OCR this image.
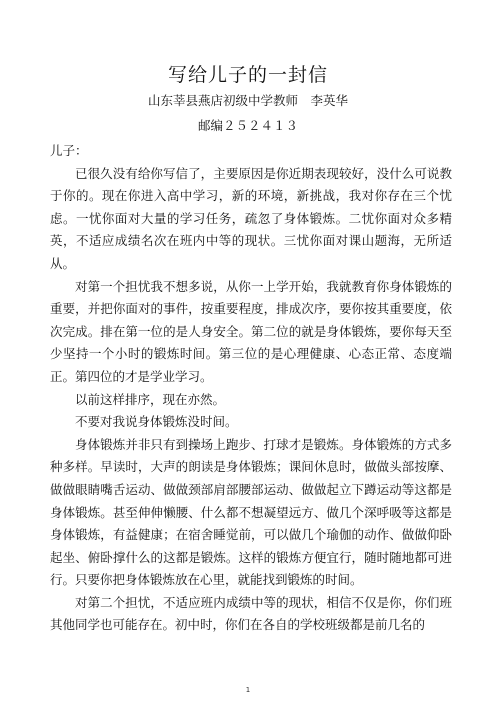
写给儿子的一封信
山东莘县燕店初级中学教师　李英华
邮编２５２４１３

儿子：

已很久没有给你写信了，主要原因是你近期表现较好，没什么可说教于你的。现在你进入高中学习，新的环境，新挑战，我对你存在三个忧虑。一忧你面对大量的学习任务，疏忽了身体锻炼。二忧你面对众多精英，不适应成绩名次在班内中等的现状。三忧你面对课山题海，无所适从。

对第一个担忧我不想多说，从你一上学开始，我就教育你身体锻炼的重要，并把你面对的事件，按重要程度，排成次序，要你按其重要度，依次完成。排在第一位的是人身安全。第二位的就是身体锻炼，要你每天至少坚持一个小时的锻炼时间。第三位的是心理健康、心态正常、态度端正。第四位的才是学业学习。

以前这样排序，现在亦然。

不要对我说身体锻炼没时间。

身体锻炼并非只有到操场上跑步、打球才是锻炼。身体锻炼的方式多种多样。早读时，大声的朗读是身体锻炼；课间休息时，做做头部按摩、做做眼睛嘴舌运动、做做颈部肩部腰部运动、做做起立下蹲运动等这都是身体锻炼。甚至伸伸懒腰、什么都不想凝望远方、做几个深呼吸等这都是身体锻炼，有益健康；在宿舍睡觉前，可以做几个瑜伽的动作、做做仰卧起坐、俯卧撑什么的这都是锻炼。这样的锻炼方便宜行，随时随地都可进行。只要你把身体锻炼放在心里，就能找到锻炼的时间。

对第二个担忧，不适应班内成绩中等的现状，相信不仅是你，你们班其他同学也可能存在。初中时，你们在各自的学校班级都是前几名的

1
